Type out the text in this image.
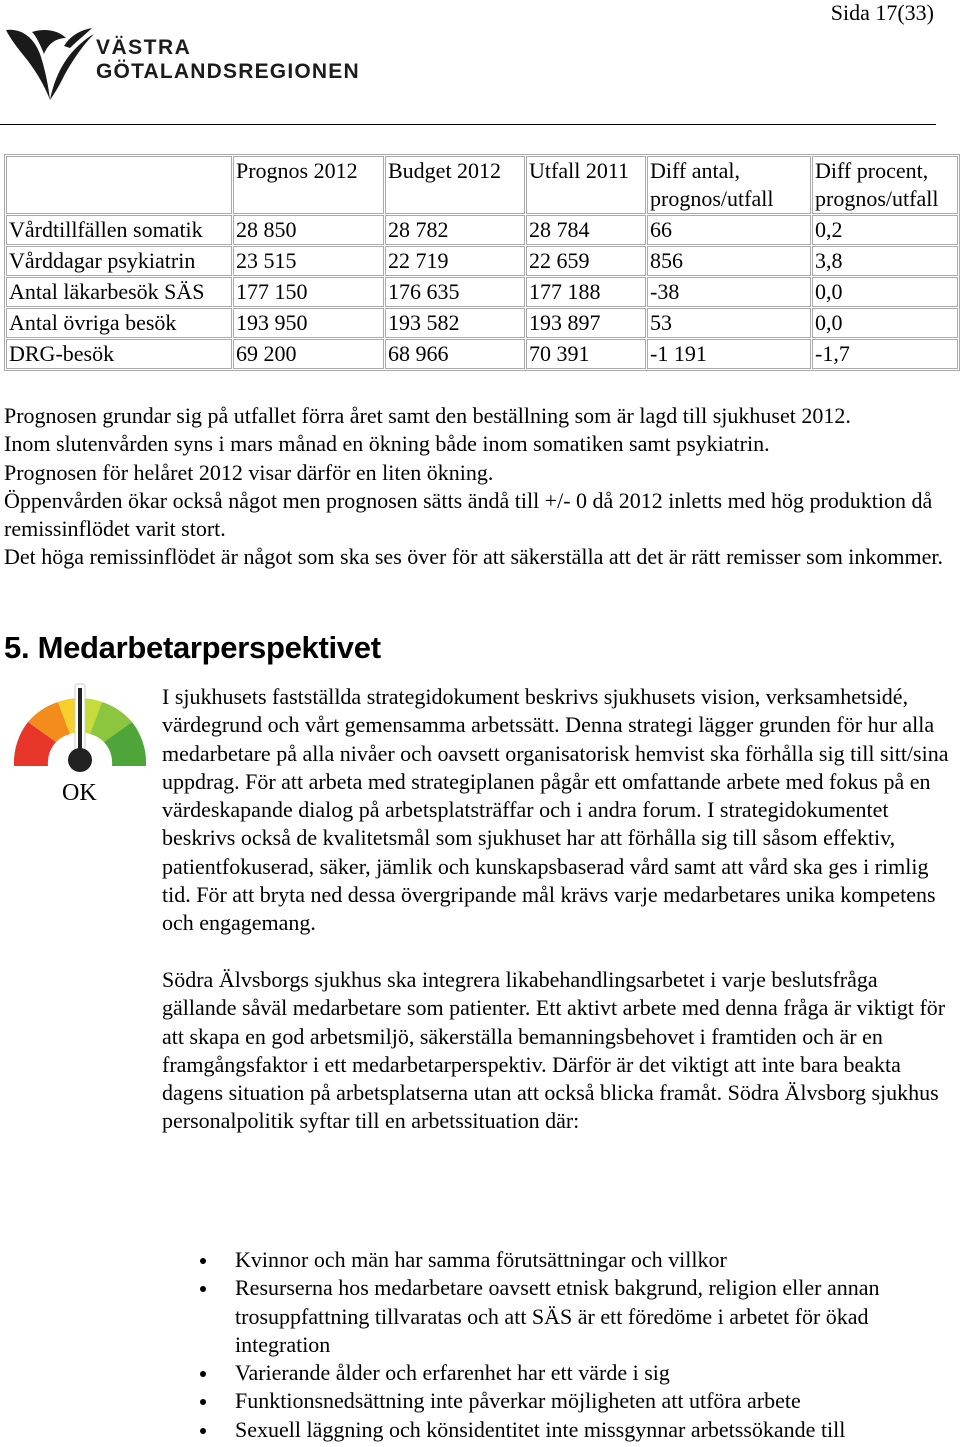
Sida 17(33)
VÄSTRA
GÖTALANDSREGIONEN
	Prognos 2012	Budget 2012	Utfall 2011	Diff antal, prognos/utfall	Diff procent, prognos/utfall
Vårdtillfällen somatik	28 850	28 782	28 784	66	0,2
Vårddagar psykiatrin	23 515	22 719	22 659	856	3,8
Antal läkarbesök SÄS	177 150	176 635	177 188	-38	0,0
Antal övriga besök	193 950	193 582	193 897	53	0,0
DRG-besök	69 200	68 966	70 391	-1 191	-1,7

Prognosen grundar sig på utfallet förra året samt den beställning som är lagd till sjukhuset 2012.

Inom slutenvården syns i mars månad en ökning både inom somatiken samt psykiatrin.

Prognosen för helåret 2012 visar därför en liten ökning.

Öppenvården ökar också något men prognosen sätts ändå till +/- 0 då 2012 inletts med hög produktion då remissinflödet varit stort.

Det höga remissinflödet är något som ska ses över för att säkerställa att det är rätt remisser som inkommer.

5. Medarbetarperspektivet
OK

I sjukhusets fastställda strategidokument beskrivs sjukhusets vision, verksamhetsidé, värdegrund och vårt gemensamma arbetssätt. Denna strategi lägger grunden för hur alla medarbetare på alla nivåer och oavsett organisatorisk hemvist ska förhålla sig till sitt/sina uppdrag. För att arbeta med strategiplanen pågår ett omfattande arbete med fokus på en värdeskapande dialog på arbetsplatsträffar och i andra forum. I strategidokumentet beskrivs också de kvalitetsmål som sjukhuset har att förhålla sig till såsom effektiv, patientfokuserad, säker, jämlik och kunskapsbaserad vård samt att vård ska ges i rimlig tid. För att bryta ned dessa övergripande mål krävs varje medarbetares unika kompetens och engagemang.

Södra Älvsborgs sjukhus ska integrera likabehandlingsarbetet i varje beslutsfråga gällande såväl medarbetare som patienter. Ett aktivt arbete med denna fråga är viktigt för att skapa en god arbetsmiljö, säkerställa bemanningsbehovet i framtiden och är en framgångsfaktor i ett medarbetarperspektiv. Därför är det viktigt att inte bara beakta dagens situation på arbetsplatserna utan att också blicka framåt. Södra Älvsborg sjukhus personalpolitik syftar till en arbetssituation där:

Kvinnor och män har samma förutsättningar och villkor
Resurserna hos medarbetare oavsett etnisk bakgrund, religion eller annan trosuppfattning tillvaratas och att SÄS är ett föredöme i arbetet för ökad integration
Varierande ålder och erfarenhet har ett värde i sig
Funktionsnedsättning inte påverkar möjligheten att utföra arbete
Sexuell läggning och könsidentitet inte missgynnar arbetssökande till
